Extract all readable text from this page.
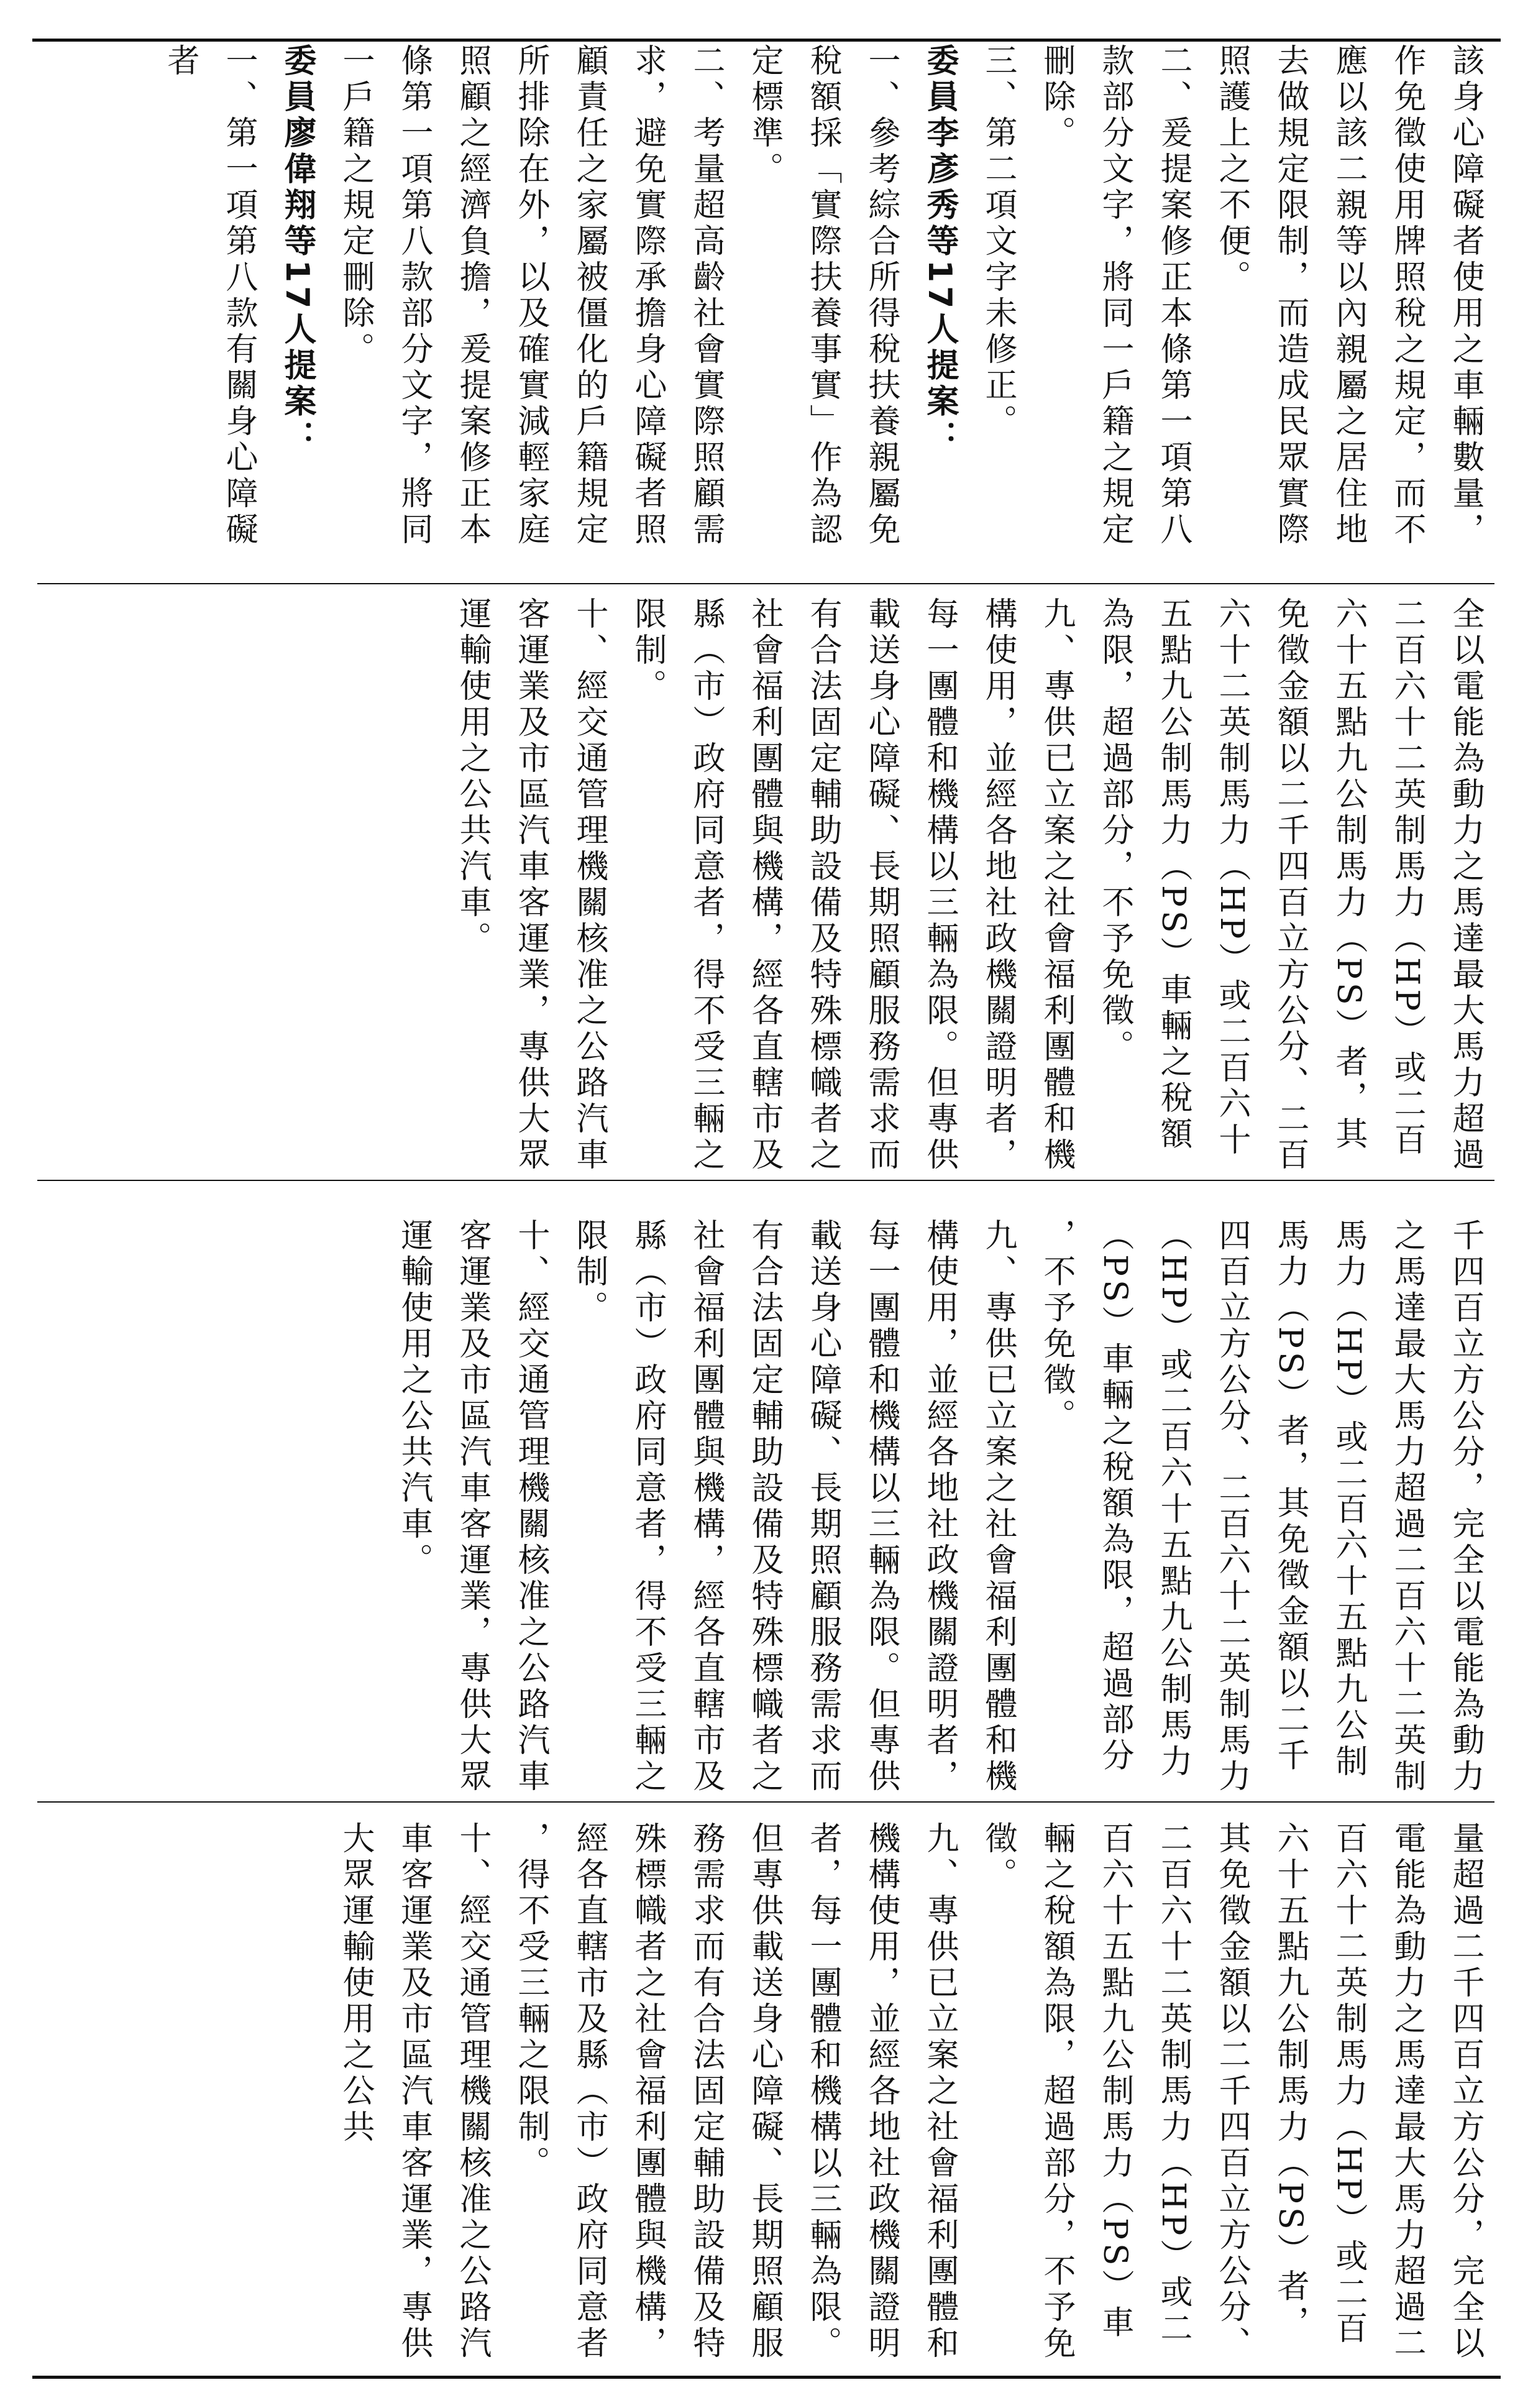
該身心障礙者使用之車輛數量，作免徵使用牌照稅之規定，而不應以該二親等以內親屬之居住地去做規定限制，而造成民眾實際照護上之不便。

二、爰提案修正本條第一項第八款部分文字，將同一戶籍之規定刪除。

三、第二項文字未修正。

委員李彥秀等17人提案：

一、參考綜合所得稅扶養親屬免稅額採「實際扶養事實」作為認定標準。

二、考量超高齡社會實際照顧需求，避免實際承擔身心障礙者照顧責任之家屬被僵化的戶籍規定所排除在外，以及確實減輕家庭照顧之經濟負擔，爰提案修正本條第一項第八款部分文字，將同一戶籍之規定刪除。

委員廖偉翔等17人提案：

一、第一項第八款有關身心障礙者

全以電能為動力之馬達最大馬力超過二百六十二英制馬力（HP）或二百六十五點九公制馬力（PS）者，其免徵金額以二千四百立方公分、二百六十二英制馬力（HP）或二百六十五點九公制馬力（PS）車輛之稅額為限，超過部分，不予免徵。

九、專供已立案之社會福利團體和機構使用，並經各地社政機關證明者，每一團體和機構以三輛為限。但專供載送身心障礙、長期照顧服務需求而有合法固定輔助設備及特殊標幟者之社會福利團體與機構，經各直轄市及縣（市）政府同意者，得不受三輛之限制。

十、經交通管理機關核准之公路汽車客運業及市區汽車客運業，專供大眾運輸使用之公共汽車。

千四百立方公分，完全以電能為動力之馬達最大馬力超過二百六十二英制馬力（HP）或二百六十五點九公制馬力（PS）者，其免徵金額以二千四百立方公分、二百六十二英制馬力（HP）或二百六十五點九公制馬力（PS）車輛之稅額為限，超過部分，不予免徵。

九、專供已立案之社會福利團體和機構使用，並經各地社政機關證明者，每一團體和機構以三輛為限。但專供載送身心障礙、長期照顧服務需求而有合法固定輔助設備及特殊標幟者之社會福利團體與機構，經各直轄市及縣（市）政府同意者，得不受三輛之限制。

十、經交通管理機關核准之公路汽車客運業及市區汽車客運業，專供大眾運輸使用之公共汽車。

量超過二千四百立方公分，完全以電能為動力之馬達最大馬力超過二百六十二英制馬力（HP）或二百六十五點九公制馬力（PS）者，其免徵金額以二千四百立方公分、二百六十二英制馬力（HP）或二百六十五點九公制馬力（PS）車輛之稅額為限，超過部分，不予免徵。

九、專供已立案之社會福利團體和機構使用，並經各地社政機關證明者，每一團體和機構以三輛為限。但專供載送身心障礙、長期照顧服務需求而有合法固定輔助設備及特殊標幟者之社會福利團體與機構，經各直轄市及縣（市）政府同意者，得不受三輛之限制。

十、經交通管理機關核准之公路汽車客運業及市區汽車客運業，專供大眾運輸使用之公共
